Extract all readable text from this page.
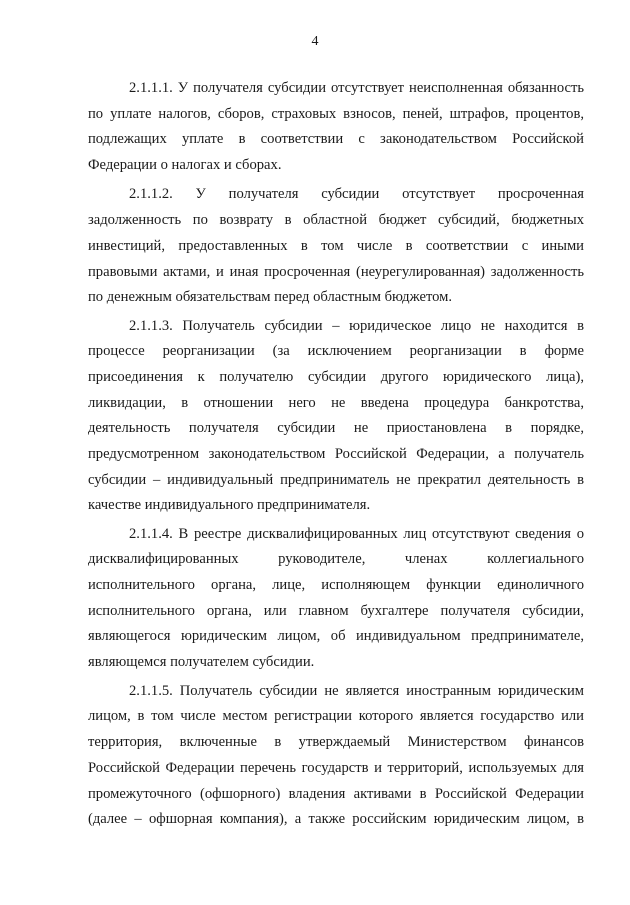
4
2.1.1.1. У получателя субсидии отсутствует неисполненная обязанность
по уплате налогов, сборов, страховых взносов, пеней, штрафов, процентов,
подлежащих уплате в соответствии с законодательством Российской
Федерации о налогах и сборах.
2.1.1.2. У получателя субсидии отсутствует просроченная
задолженность по возврату в областной бюджет субсидий, бюджетных
инвестиций, предоставленных в том числе в соответствии с иными
правовыми актами, и иная просроченная (неурегулированная) задолженность
по денежным обязательствам перед областным бюджетом.
2.1.1.3. Получатель субсидии – юридическое лицо не находится в
процессе реорганизации (за исключением реорганизации в форме
присоединения к получателю субсидии другого юридического лица),
ликвидации, в отношении него не введена процедура банкротства,
деятельность получателя субсидии не приостановлена в порядке,
предусмотренном законодательством Российской Федерации, а получатель
субсидии – индивидуальный предприниматель не прекратил деятельность в
качестве индивидуального предпринимателя.
2.1.1.4. В реестре дисквалифицированных лиц отсутствуют сведения о
дисквалифицированных руководителе, членах коллегиального
исполнительного органа, лице, исполняющем функции единоличного
исполнительного органа, или главном бухгалтере получателя субсидии,
являющегося юридическим лицом, об индивидуальном предпринимателе,
являющемся получателем субсидии.
2.1.1.5. Получатель субсидии не является иностранным юридическим
лицом, в том числе местом регистрации которого является государство или
территория, включенные в утверждаемый Министерством финансов
Российской Федерации перечень государств и территорий, используемых для
промежуточного (офшорного) владения активами в Российской Федерации
(далее – офшорная компания), а также российским юридическим лицом, в
